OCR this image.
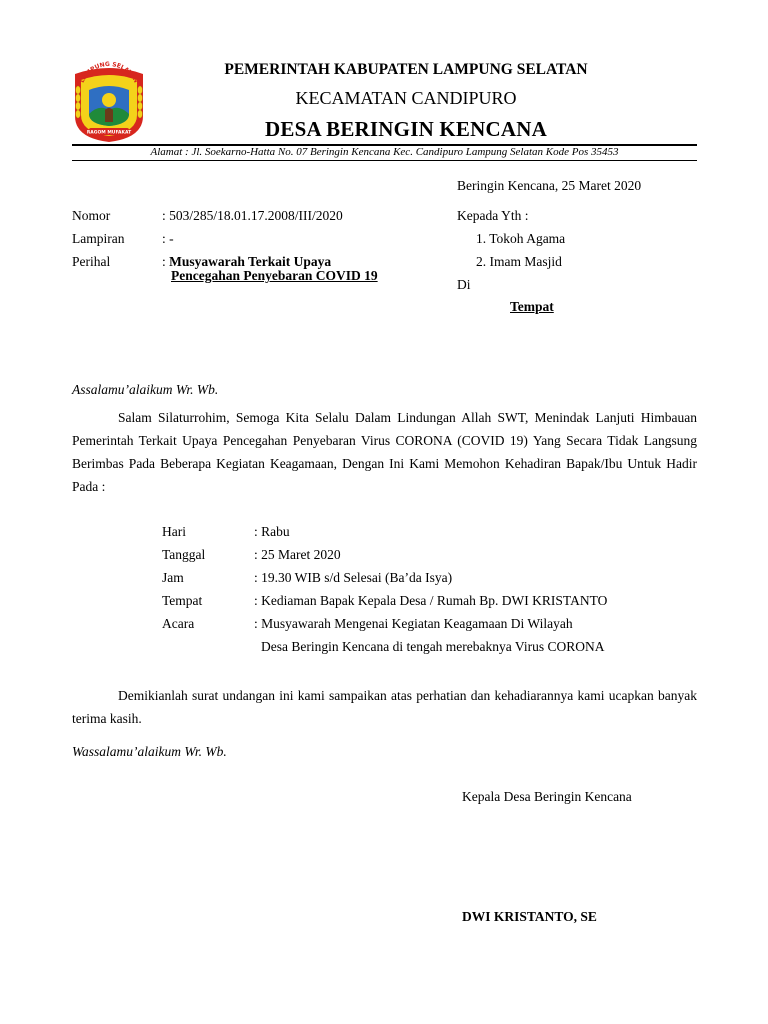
LAMPUNG SELATAN
RAGOM MUFAKAT
PEMERINTAH KABUPATEN LAMPUNG SELATAN
KECAMATAN CANDIPURO
DESA BERINGIN KENCANA
Alamat : Jl. Soekarno-Hatta No. 07 Beringin Kencana Kec. Candipuro Lampung Selatan Kode Pos 35453
Beringin Kencana, 25 Maret 2020
Nomor	: 503/285/18.01.17.2008/III/2020
Lampiran	: -
Perihal	: Musyawarah Terkait Upaya
Pencegahan Penyebaran COVID 19
Kepada Yth :
1. Tokoh Agama
2. Imam Masjid
Di
Tempat
Assalamu’alaikum Wr. Wb.
Salam Silaturrohim, Semoga Kita Selalu Dalam Lindungan Allah SWT, Menindak Lanjuti Himbauan Pemerintah Terkait Upaya Pencegahan Penyebaran Virus CORONA (COVID 19) Yang Secara Tidak Langsung Berimbas Pada Beberapa Kegiatan Keagamaan, Dengan Ini Kami Memohon Kehadiran Bapak/Ibu Untuk Hadir Pada :
Hari	: Rabu
Tanggal	: 25 Maret 2020
Jam	: 19.30 WIB s/d Selesai (Ba’da Isya)
Tempat	: Kediaman Bapak Kepala Desa / Rumah Bp. DWI KRISTANTO
Acara	: Musyawarah Mengenai Kegiatan Keagamaan Di Wilayah
Desa Beringin Kencana di tengah merebaknya Virus CORONA
Demikianlah surat undangan ini kami sampaikan atas perhatian dan kehadiarannya kami ucapkan banyak terima kasih.
Wassalamu’alaikum Wr. Wb.
Kepala Desa Beringin Kencana
DWI KRISTANTO, SE
